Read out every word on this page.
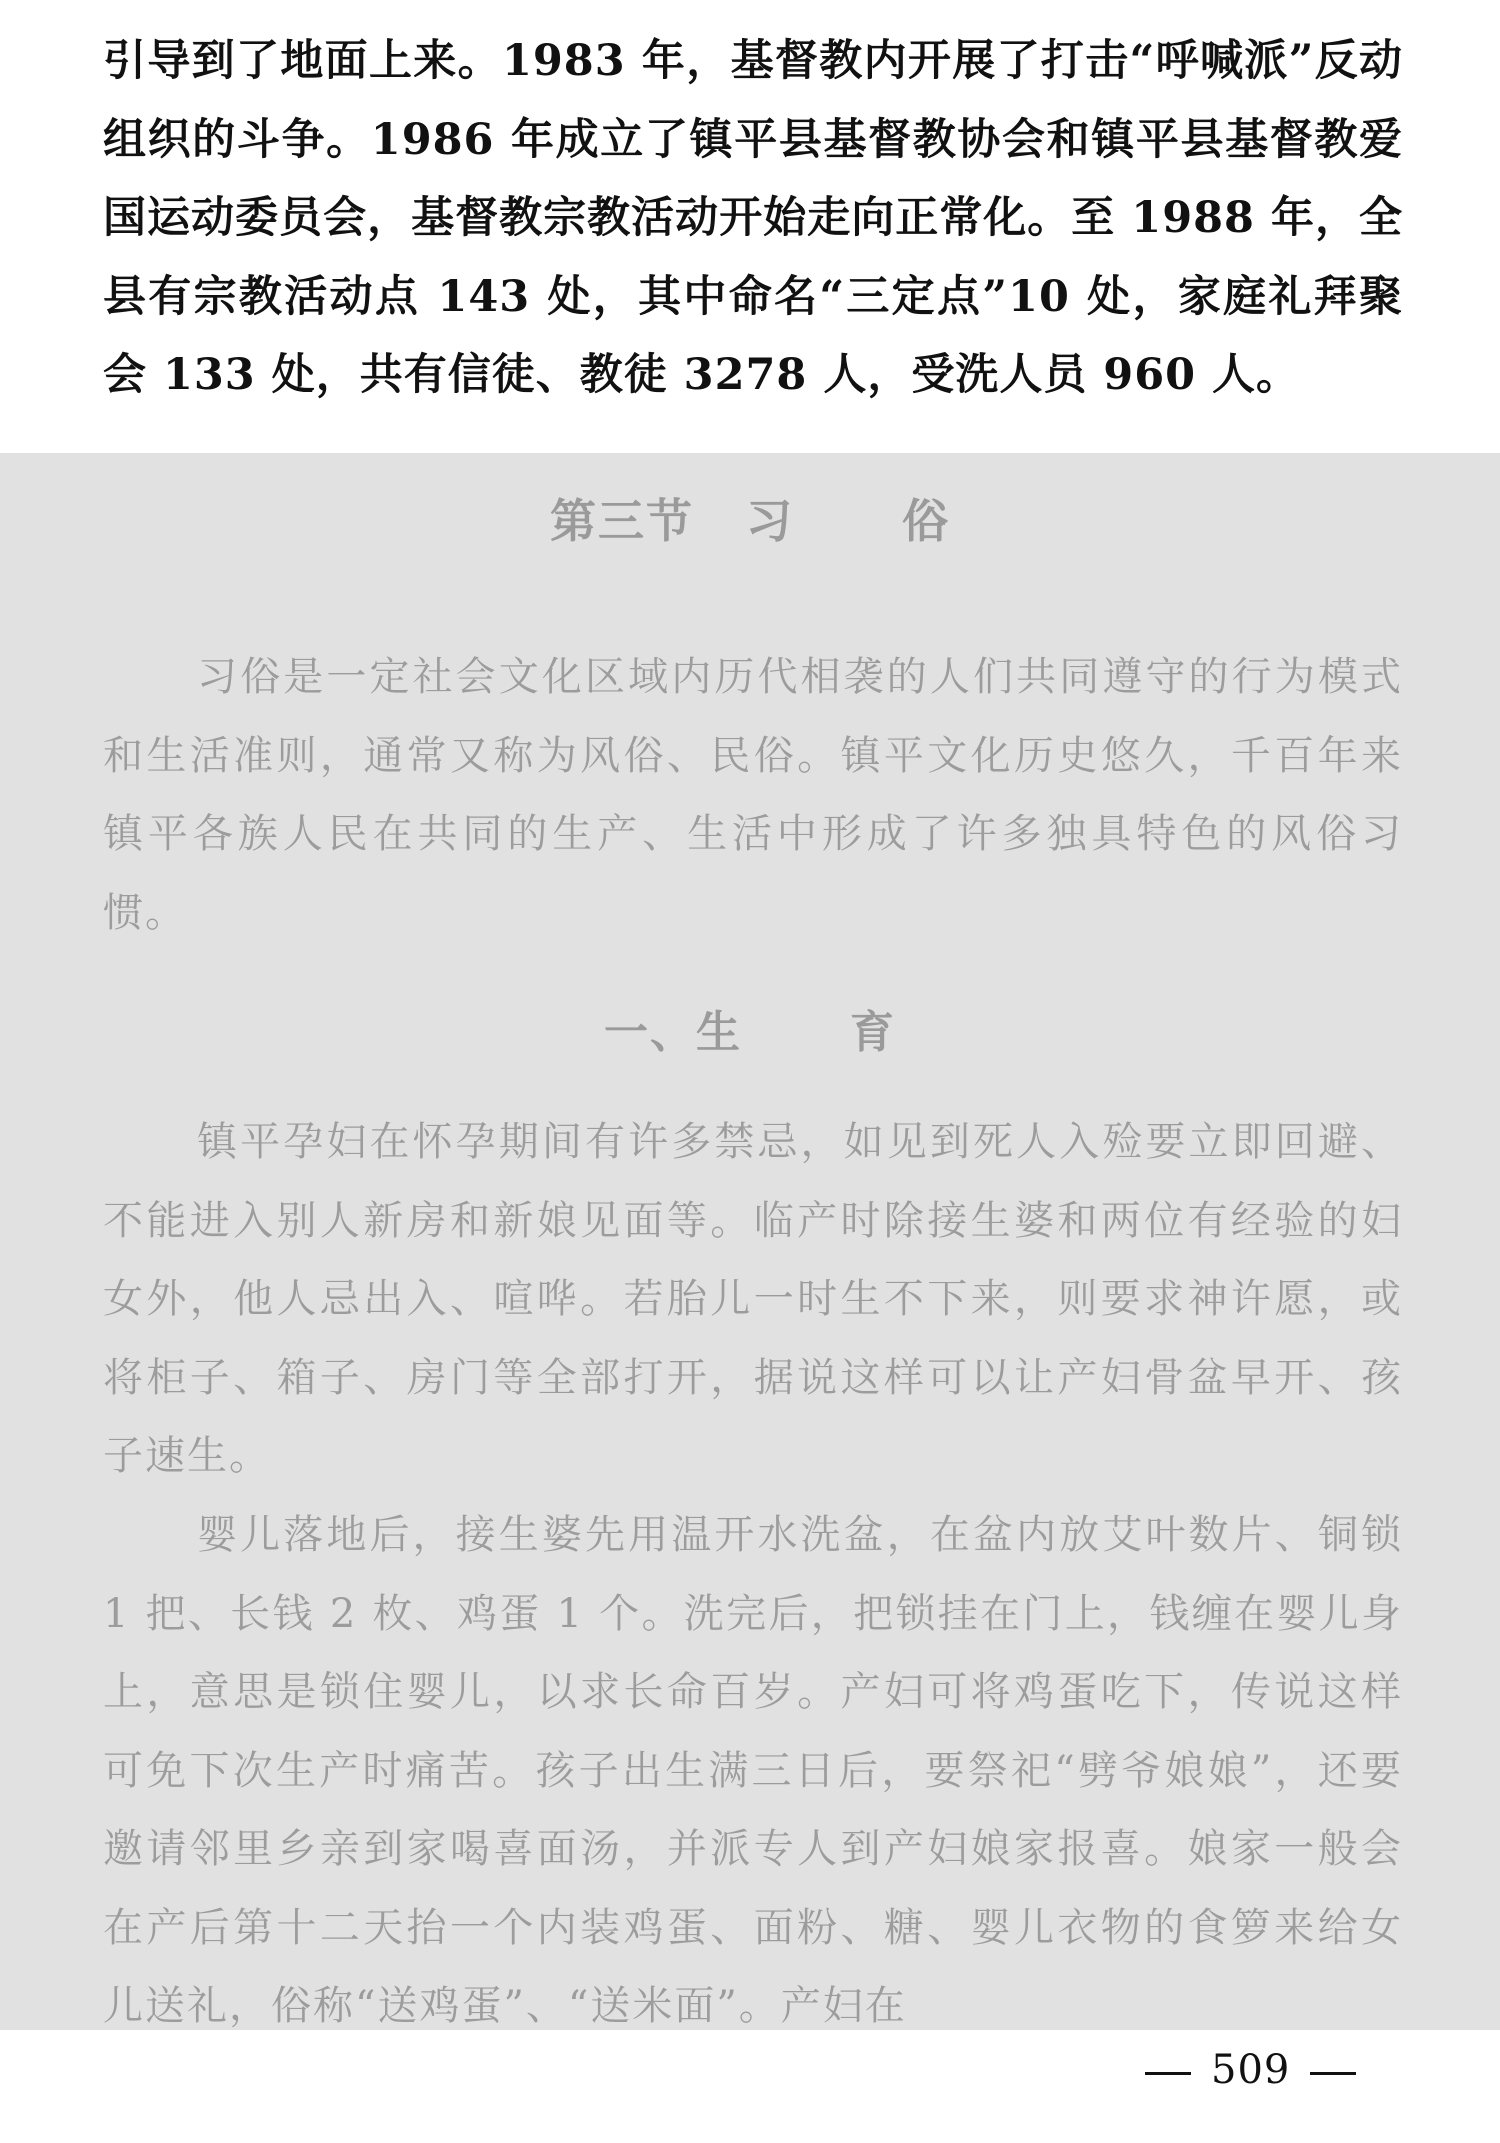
引导到了地面上来。1983 年，基督教内开展了打击“呼喊派”反动组织的斗争。1986 年成立了镇平县基督教协会和镇平县基督教爱国运动委员会，基督教宗教活动开始走向正常化。至 1988 年，全县有宗教活动点 143 处，其中命名“三定点”10 处，家庭礼拜聚会 133 处，共有信徒、教徒 3278 人，受洗人员 960 人。

第三节 习 俗

习俗是一定社会文化区域内历代相袭的人们共同遵守的行为模式和生活准则，通常又称为风俗、民俗。镇平文化历史悠久，千百年来镇平各族人民在共同的生产、生活中形成了许多独具特色的风俗习惯。

一、生 育

镇平孕妇在怀孕期间有许多禁忌，如见到死人入殓要立即回避、不能进入别人新房和新娘见面等。临产时除接生婆和两位有经验的妇女外，他人忌出入、喧哗。若胎儿一时生不下来，则要求神许愿，或将柜子、箱子、房门等全部打开，据说这样可以让产妇骨盆早开、孩子速生。

婴儿落地后，接生婆先用温开水洗盆，在盆内放艾叶数片、铜锁 1 把、长钱 2 枚、鸡蛋 1 个。洗完后，把锁挂在门上，钱缠在婴儿身上，意思是锁住婴儿，以求长命百岁。产妇可将鸡蛋吃下，传说这样可免下次生产时痛苦。孩子出生满三日后，要祭祀“劈爷娘娘”，还要邀请邻里乡亲到家喝喜面汤，并派专人到产妇娘家报喜。娘家一般会在产后第十二天抬一个内装鸡蛋、面粉、糖、婴儿衣物的食箩来给女儿送礼，俗称“送鸡蛋”、“送米面”。产妇在

509
